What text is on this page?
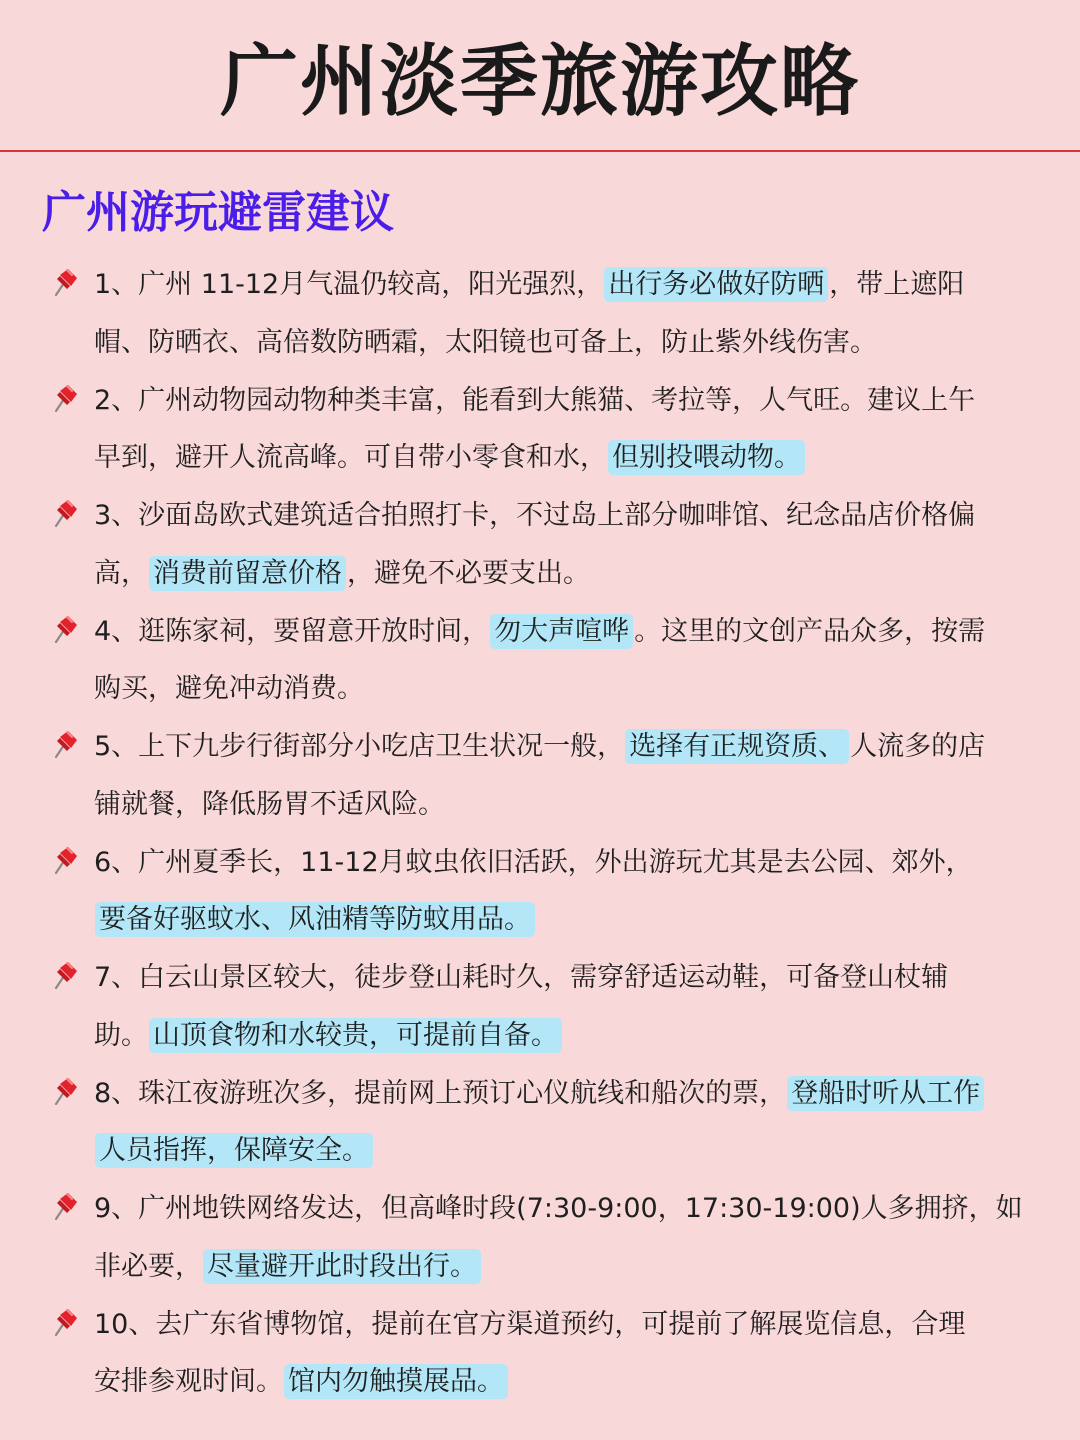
广州淡季旅游攻略
广州游玩避雷建议
1、广州 11-12月气温仍较高，阳光强烈， 出行务必做好防晒 ，带上遮阳
帽、防晒衣、高倍数防晒霜，太阳镜也可备上，防止紫外线伤害。
2、广州动物园动物种类丰富，能看到大熊猫、考拉等，人气旺。建议上午
早到，避开人流高峰。可自带小零食和水， 但别投喂动物。
3、沙面岛欧式建筑适合拍照打卡，不过岛上部分咖啡馆、纪念品店价格偏
高， 消费前留意价格 ，避免不必要支出。
4、逛陈家祠，要留意开放时间， 勿大声喧哗 。这里的文创产品众多，按需
购买，避免冲动消费。
5、上下九步行街部分小吃店卫生状况一般， 选择有正规资质、 人流多的店
铺就餐，降低肠胃不适风险。
6、广州夏季长，11-12月蚊虫依旧活跃，外出游玩尤其是去公园、郊外，
要备好驱蚊水、风油精等防蚊用品。
7、白云山景区较大，徒步登山耗时久，需穿舒适运动鞋，可备登山杖辅
助。 山顶食物和水较贵，可提前自备。
8、珠江夜游班次多，提前网上预订心仪航线和船次的票， 登船时听从工作
人员指挥，保障安全。
9、广州地铁网络发达，但高峰时段(7:30-9:00，17:30-19:00)人多拥挤，如
非必要， 尽量避开此时段出行。
10、去广东省博物馆，提前在官方渠道预约，可提前了解展览信息，合理
安排参观时间。 馆内勿触摸展品。
